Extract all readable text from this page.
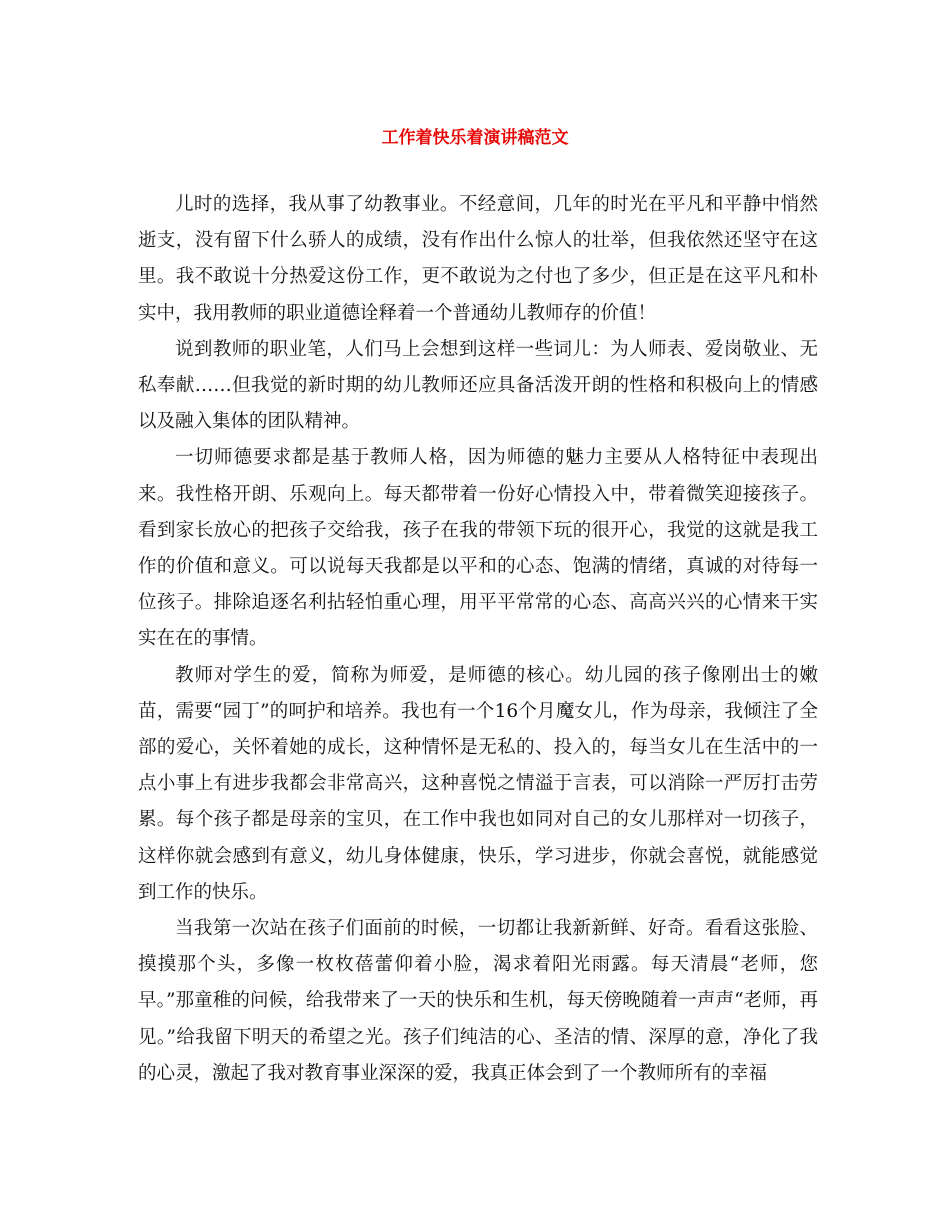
工作着快乐着演讲稿范文

儿时的选择，我从事了幼教事业。不经意间，几年的时光在平凡和平静中悄然逝支，没有留下什么骄人的成绩，没有作出什么惊人的壮举，但我依然还坚守在这里。我不敢说十分热爱这份工作，更不敢说为之付也了多少，但正是在这平凡和朴实中，我用教师的职业道德诠释着一个普通幼儿教师存的价值！

说到教师的职业笔，人们马上会想到这样一些词儿：为人师表、爱岗敬业、无私奉献……但我觉的新时期的幼儿教师还应具备活泼开朗的性格和积极向上的情感以及融入集体的团队精神。

一切师德要求都是基于教师人格，因为师德的魅力主要从人格特征中表现出来。我性格开朗、乐观向上。每天都带着一份好心情投入中，带着微笑迎接孩子。看到家长放心的把孩子交给我，孩子在我的带领下玩的很开心，我觉的这就是我工作的价值和意义。可以说每天我都是以平和的心态、饱满的情绪，真诚的对待每一位孩子。排除追逐名利拈轻怕重心理，用平平常常的心态、高高兴兴的心情来干实实在在的事情。

教师对学生的爱，简称为师爱，是师德的核心。幼儿园的孩子像刚出士的嫩苗，需要“园丁”的呵护和培养。我也有一个16个月魔女儿，作为母亲，我倾注了全部的爱心，关怀着她的成长，这种情怀是无私的、投入的，每当女儿在生活中的一点小事上有进步我都会非常高兴，这种喜悦之情溢于言表，可以消除一严厉打击劳累。每个孩子都是母亲的宝贝，在工作中我也如同对自己的女儿那样对一切孩子，这样你就会感到有意义，幼儿身体健康，快乐，学习进步，你就会喜悦，就能感觉到工作的快乐。

当我第一次站在孩子们面前的时候，一切都让我新新鲜、好奇。看看这张脸、摸摸那个头，多像一枚枚蓓蕾仰着小脸，渴求着阳光雨露。每天清晨“老师，您早。”那童稚的问候，给我带来了一天的快乐和生机，每天傍晚随着一声声“老师，再见。”给我留下明天的希望之光。孩子们纯洁的心、圣洁的情、深厚的意，净化了我的心灵，激起了我对教育事业深深的爱，我真正体会到了一个教师所有的幸福
